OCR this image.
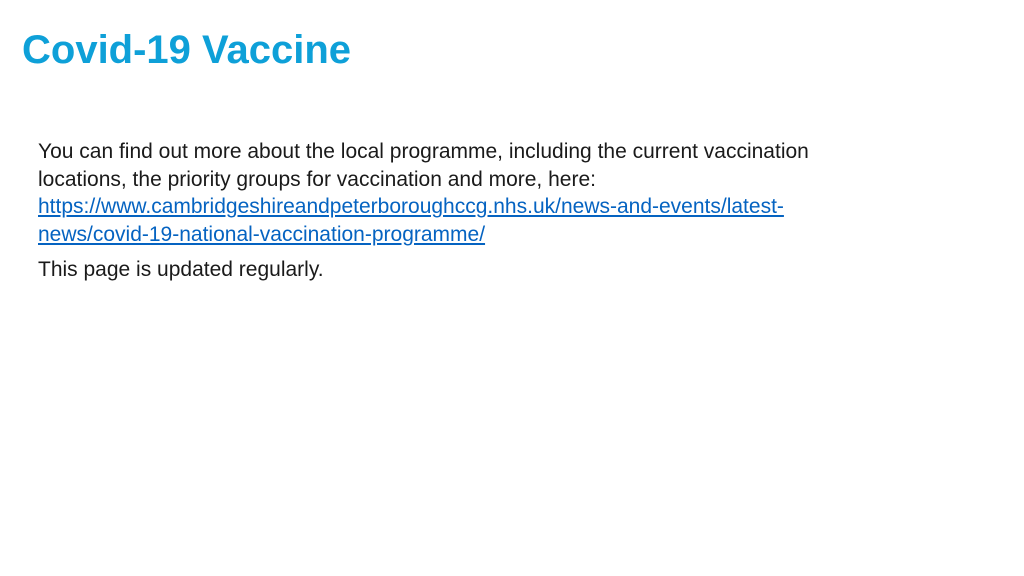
Covid-19 Vaccine

You can find out more about the local programme, including the current vaccination
locations, the priority groups for vaccination and more, here:
https://www.cambridgeshireandpeterboroughccg.nhs.uk/news-and-events/latest-
news/covid-19-national-vaccination-programme/

This page is updated regularly.
